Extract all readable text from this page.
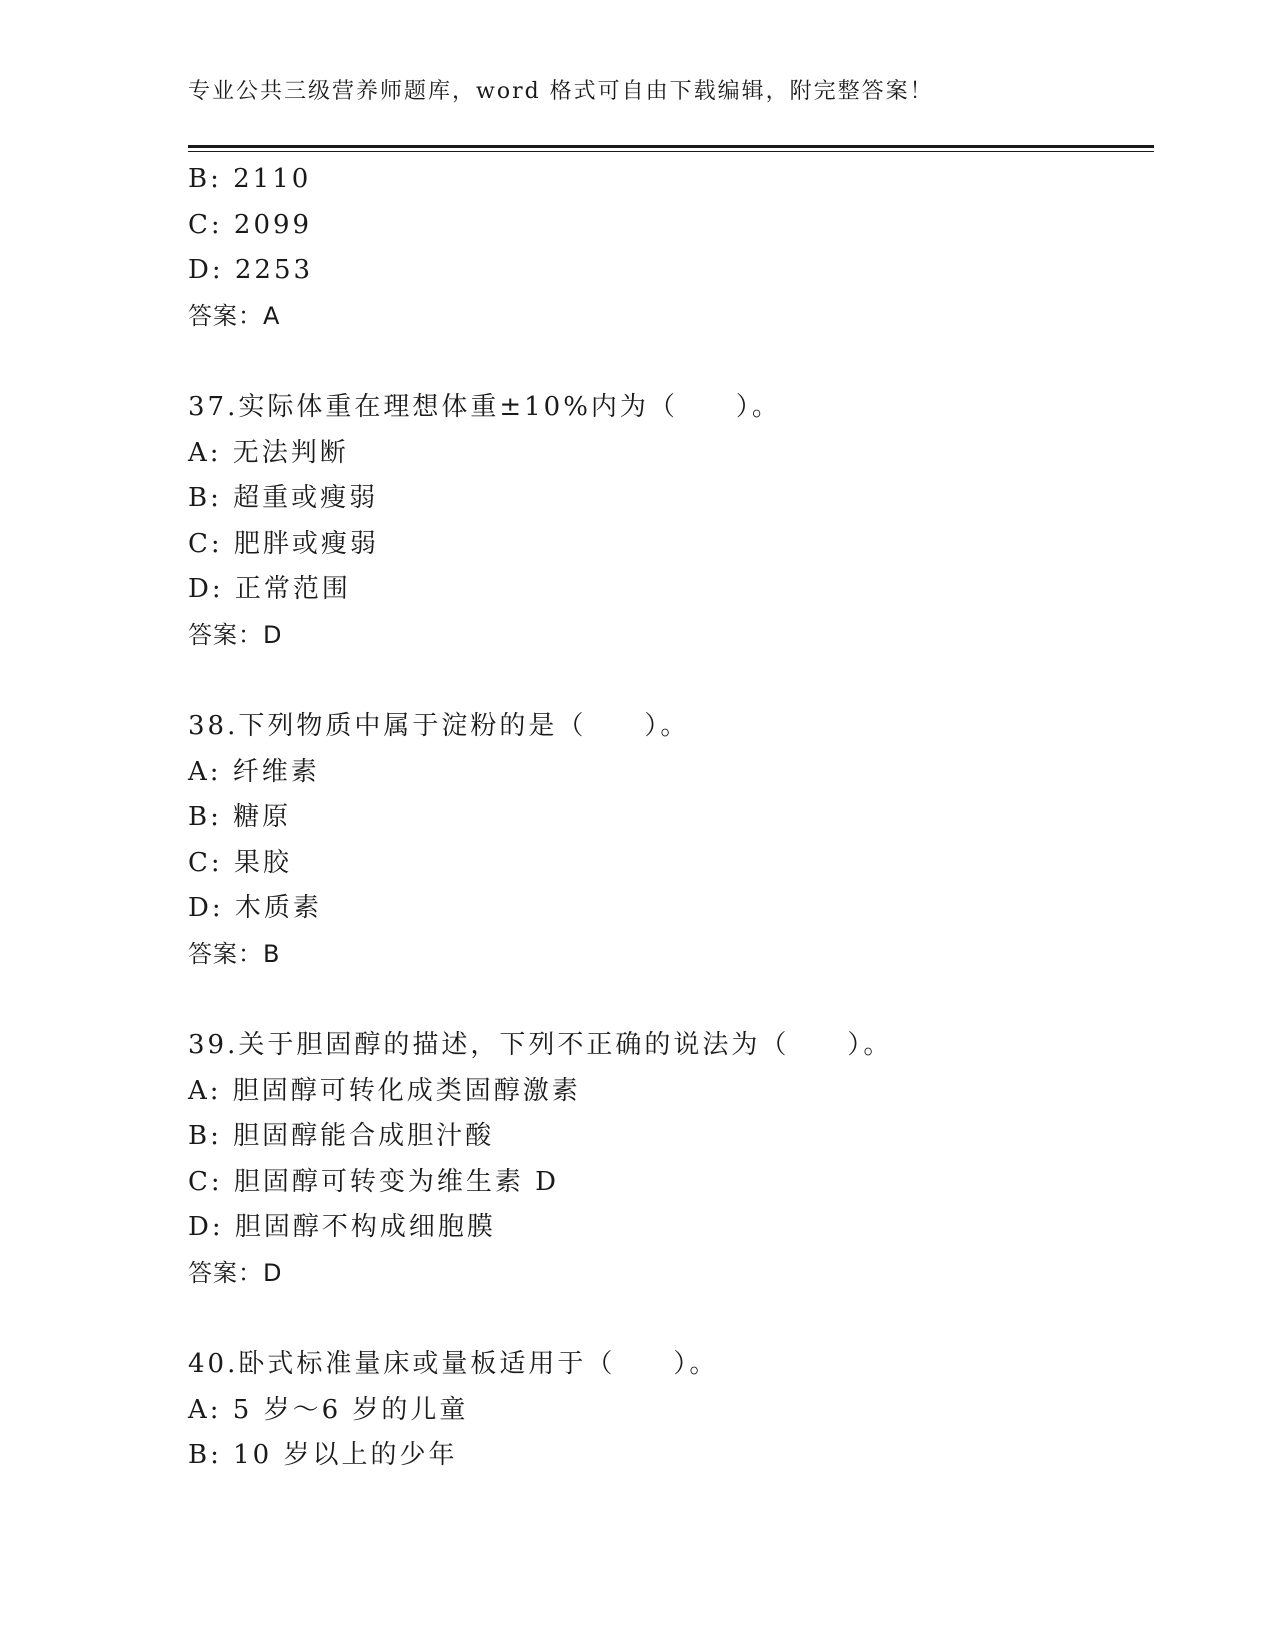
专业公共三级营养师题库，word 格式可自由下载编辑，附完整答案！
B: 2110
C: 2099
D: 2253
答案：A
37.实际体重在理想体重±10%内为（　　）。
A: 无法判断
B: 超重或瘦弱
C: 肥胖或瘦弱
D: 正常范围
答案：D
38.下列物质中属于淀粉的是（　　）。
A: 纤维素
B: 糖原
C: 果胶
D: 木质素
答案：B
39.关于胆固醇的描述，下列不正确的说法为（　　）。
A: 胆固醇可转化成类固醇激素
B: 胆固醇能合成胆汁酸
C: 胆固醇可转变为维生素 D
D: 胆固醇不构成细胞膜
答案：D
40.卧式标准量床或量板适用于（　　）。
A: 5 岁～6 岁的儿童
B: 10 岁以上的少年
